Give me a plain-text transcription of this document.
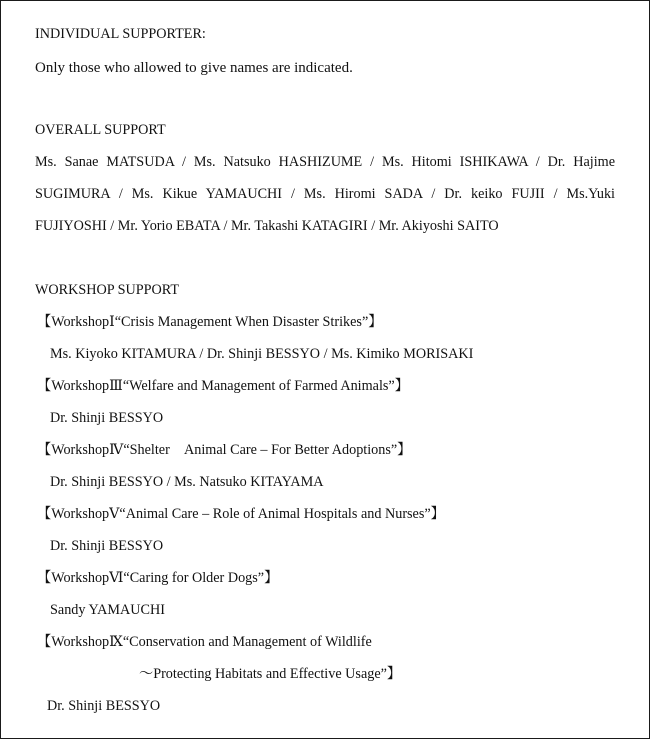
INDIVIDUAL SUPPORTER:
Only those who allowed to give names are indicated.
OVERALL SUPPORT
Ms. Sanae MATSUDA / Ms. Natsuko HASHIZUME / Ms. Hitomi ISHIKAWA / Dr. Hajime
SUGIMURA / Ms. Kikue YAMAUCHI / Ms. Hiromi SADA / Dr. keiko FUJII / Ms.Yuki
FUJIYOSHI / Mr. Yorio EBATA / Mr. Takashi KATAGIRI / Mr. Akiyoshi SAITO
WORKSHOP SUPPORT
【WorkshopⅠ“Crisis Management When Disaster Strikes”】
Ms. Kiyoko KITAMURA / Dr. Shinji BESSYO / Ms. Kimiko MORISAKI
【WorkshopⅢ“Welfare and Management of Farmed Animals”】
Dr. Shinji BESSYO
【WorkshopⅣ“Shelter　Animal Care – For Better Adoptions”】
Dr. Shinji BESSYO / Ms. Natsuko KITAYAMA
【WorkshopⅤ“Animal Care – Role of Animal Hospitals and Nurses”】
Dr. Shinji BESSYO
【WorkshopⅥ“Caring for Older Dogs”】
Sandy YAMAUCHI
【WorkshopⅨ“Conservation and Management of Wildlife
〜Protecting Habitats and Effective Usage”】
Dr. Shinji BESSYO
